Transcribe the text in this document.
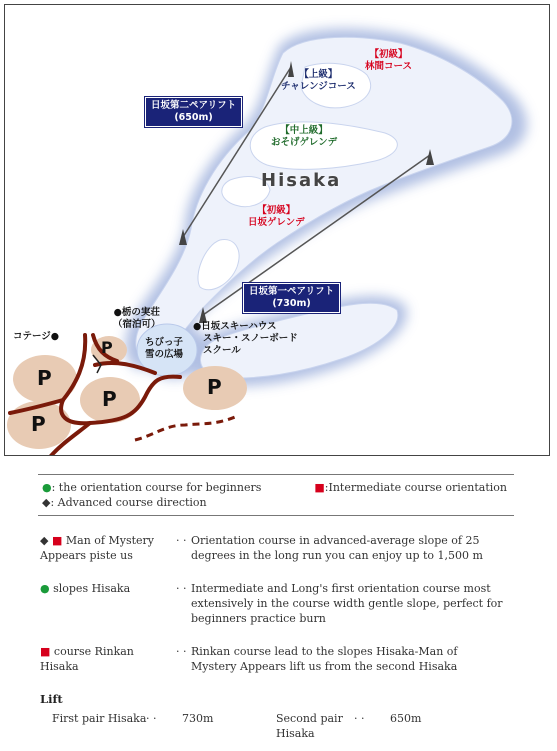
Hisaka
【初級】
林間コース
【上級】
チャレンジコース
【中上級】
おそげゲレンデ
【初級】
日坂ゲレンデ
日坂第二ペアリフト
(650m)
日坂第一ペアリフト
(730m)
●栃の実荘
（宿泊可）
ちびっ子
雪の広場
●日坂スキーハウス
スキー・スノーボード
スクール
コテージ●
P
P
P
P
P
●: the orientation course for beginners	■:Intermediate course orientation ◆: Advanced course direction
◆ ■ Man of Mystery Appears piste us
· · Orientation course in advanced-average slope of 25 degrees in the long run you can enjoy up to 1,500 m
● slopes Hisaka	· · Intermediate and Long's first orientation course most extensively in the course width gentle slope, perfect for beginners practice burn
■ course Rinkan Hisaka
· · Rinkan course lead to the slopes Hisaka-Man of Mystery Appears lift us from the second Hisaka
Lift
First pair Hisaka · · 730m	Second pair Hisaka
· · 650m
